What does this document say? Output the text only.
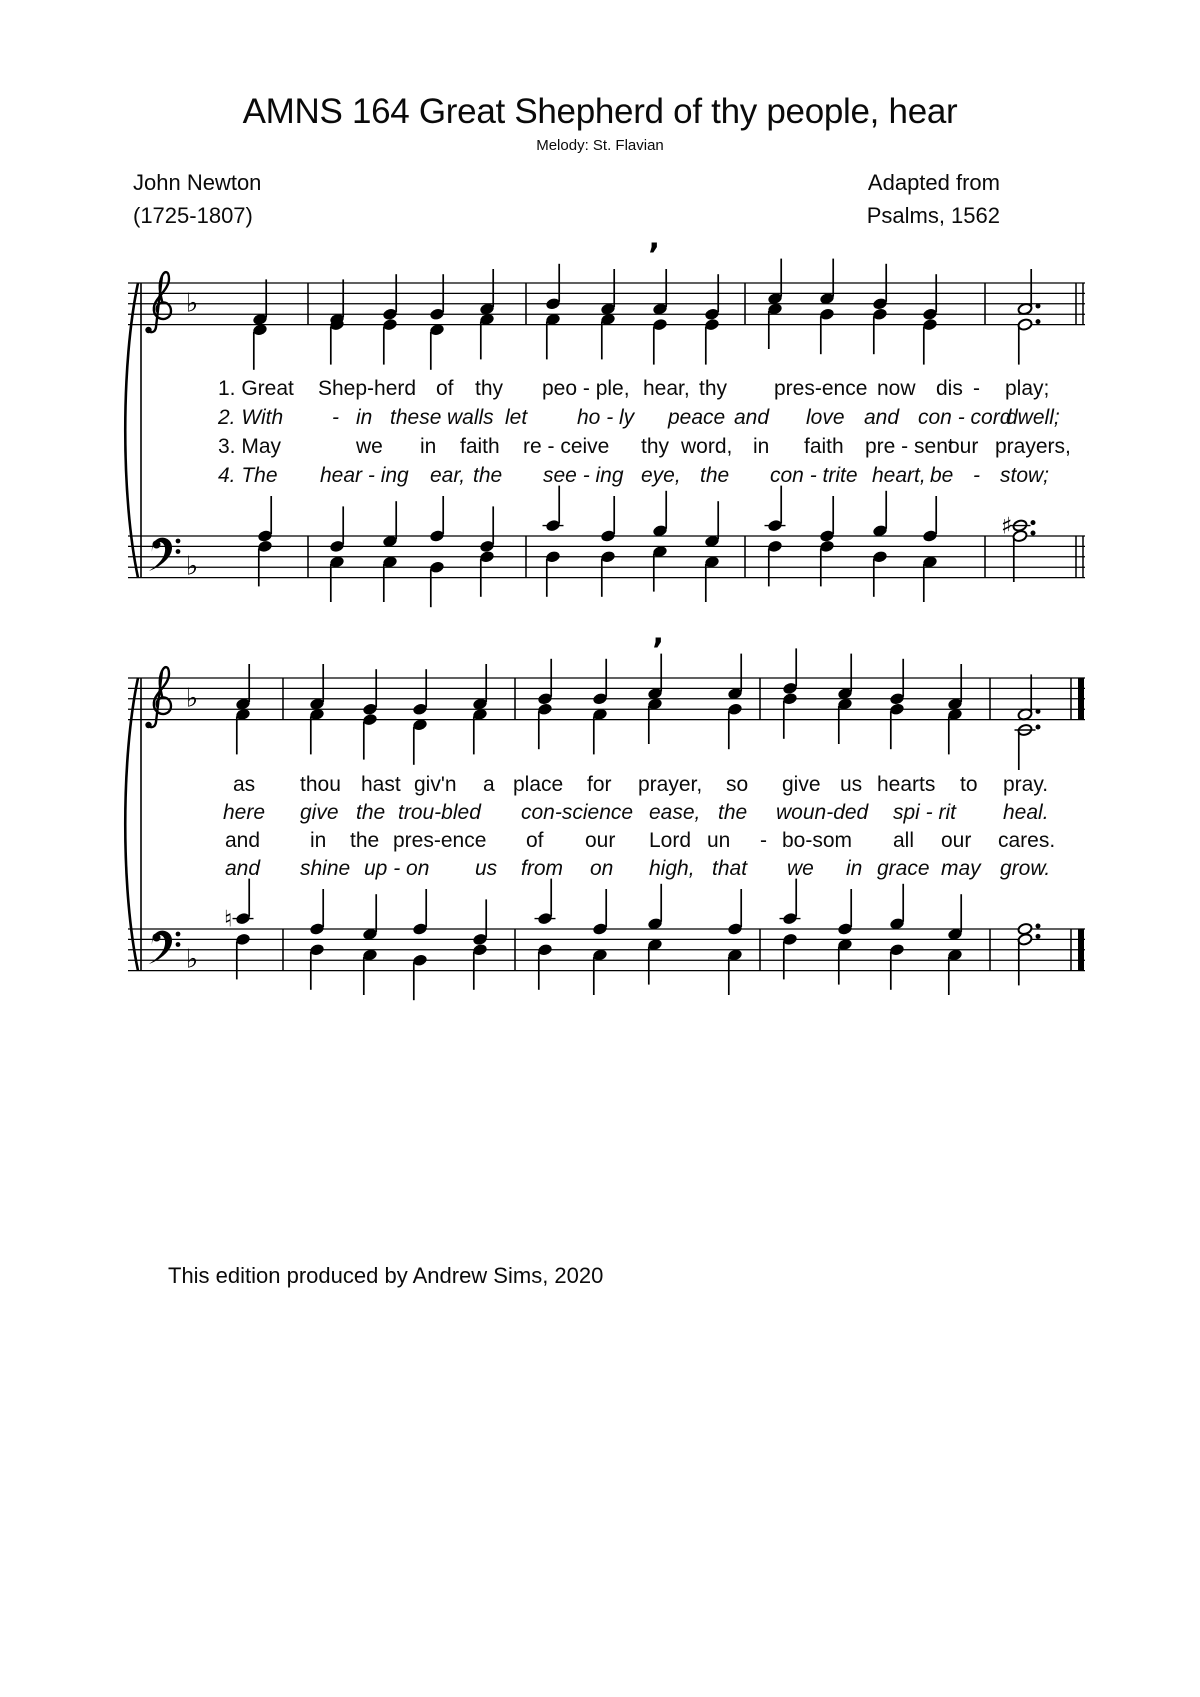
AMNS 164 Great Shepherd of thy people, hear
Melody: St. Flavian
John Newton
(1725-1807)
Adapted from
Psalms, 1562
♭
’
♭
♯
♭
’
♭
♮
1. Great Shep-herd of thy peo - ple, hear, thy pres-ence now dis - play;
2. With - in these walls let ho - ly peace and love and con - cord
dwell;
3. May	we in faith re - ceive thy word, in faith pre - sent
our prayers,
4. The hear - ing ear, the see - ing eye, the con - trite heart, be - stow;
as thou hast giv'n a place for prayer, so give us hearts to pray.
here give the trou-bled con-science ease, the woun-ded spi - rit heal.
and in the pres-ence of our Lord un - bo-som all our cares.
and shine up - on us from on high, that we in grace may grow.
This edition produced by Andrew Sims, 2020
